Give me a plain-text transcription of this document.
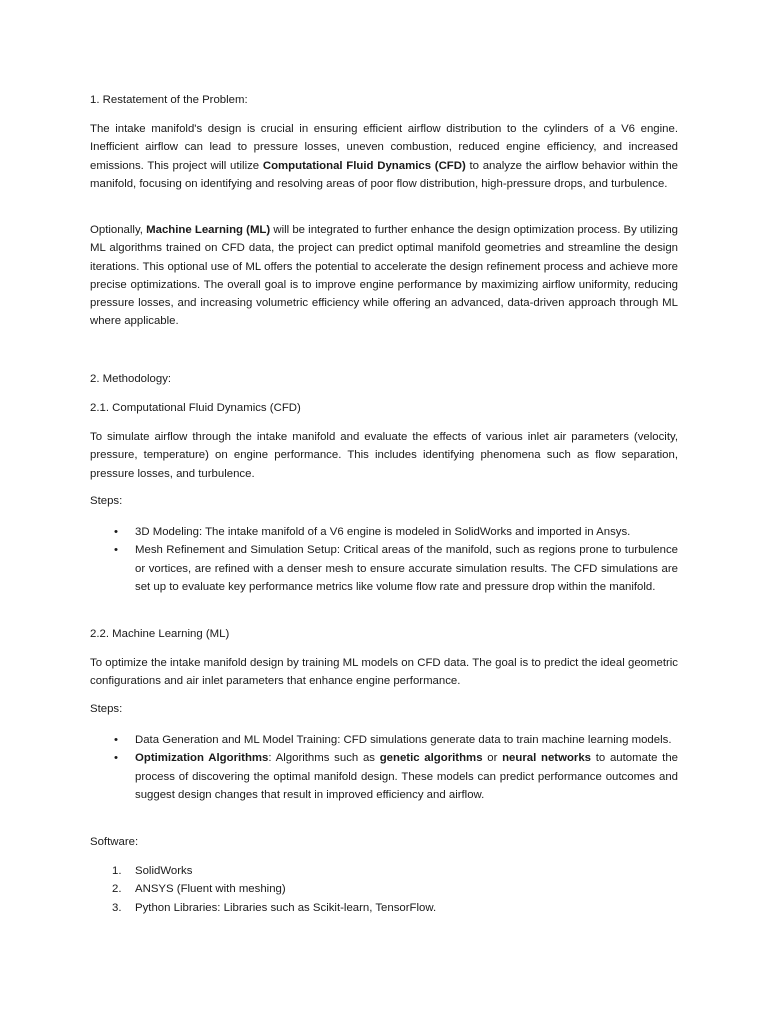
1. Restatement of the Problem:

The intake manifold's design is crucial in ensuring efficient airflow distribution to the cylinders of a V6 engine. Inefficient airflow can lead to pressure losses, uneven combustion, reduced engine efficiency, and increased emissions. This project will utilize Computational Fluid Dynamics (CFD) to analyze the airflow behavior within the manifold, focusing on identifying and resolving areas of poor flow distribution, high-pressure drops, and turbulence.

Optionally, Machine Learning (ML) will be integrated to further enhance the design optimization process. By utilizing ML algorithms trained on CFD data, the project can predict optimal manifold geometries and streamline the design iterations. This optional use of ML offers the potential to accelerate the design refinement process and achieve more precise optimizations. The overall goal is to improve engine performance by maximizing airflow uniformity, reducing pressure losses, and increasing volumetric efficiency while offering an advanced, data-driven approach through ML where applicable.

2. Methodology:

2.1. Computational Fluid Dynamics (CFD)

To simulate airflow through the intake manifold and evaluate the effects of various inlet air parameters (velocity, pressure, temperature) on engine performance. This includes identifying phenomena such as flow separation, pressure losses, and turbulence.

Steps:

• 3D Modeling: The intake manifold of a V6 engine is modeled in SolidWorks and imported in Ansys.
• Mesh Refinement and Simulation Setup: Critical areas of the manifold, such as regions prone to turbulence or vortices, are refined with a denser mesh to ensure accurate simulation results. The CFD simulations are set up to evaluate key performance metrics like volume flow rate and pressure drop within the manifold.

2.2. Machine Learning (ML)

To optimize the intake manifold design by training ML models on CFD data. The goal is to predict the ideal geometric configurations and air inlet parameters that enhance engine performance.

Steps:

• Data Generation and ML Model Training: CFD simulations generate data to train machine learning models.
• Optimization Algorithms: Algorithms such as genetic algorithms or neural networks to automate the process of discovering the optimal manifold design. These models can predict performance outcomes and suggest design changes that result in improved efficiency and airflow.

Software:

1. SolidWorks
2. ANSYS (Fluent with meshing)
3. Python Libraries: Libraries such as Scikit-learn, TensorFlow.
